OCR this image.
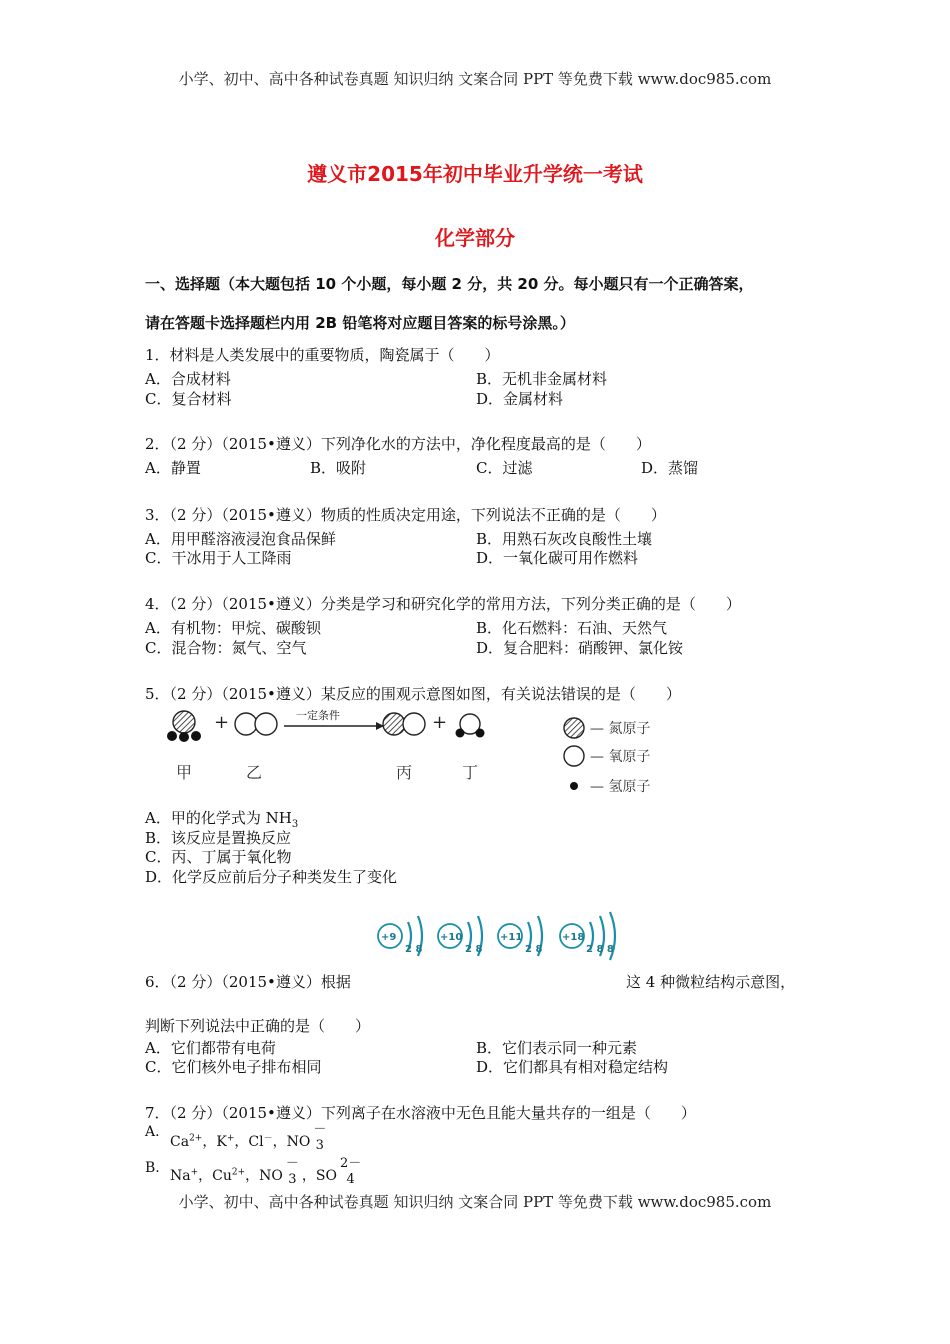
小学、初中、高中各种试卷真题 知识归纳 文案合同 PPT 等免费下载 www.doc985.com
遵义市2015年初中毕业升学统一考试
化学部分
一、选择题（本大题包括 10 个小题，每小题 2 分，共 20 分。每小题只有一个正确答案，
请在答题卡选择题栏内用 2B 铅笔将对应题目答案的标号涂黑。）
1．材料是人类发展中的重要物质，陶瓷属于（　　）
A．合成材料	B．无机非金属材料
C．复合材料	D．金属材料
2．（2 分）（2015•遵义）下列净化水的方法中，净化程度最高的是（　　）
A．静置	B．吸附	C．过滤	D．蒸馏
3．（2 分）（2015•遵义）物质的性质决定用途，下列说法不正确的是（　　）
A．用甲醛溶液浸泡食品保鲜	B．用熟石灰改良酸性土壤
C．干冰用于人工降雨	D．一氧化碳可用作燃料
4．（2 分）（2015•遵义）分类是学习和研究化学的常用方法，下列分类正确的是（　　）
A．有机物：甲烷、碳酸钡	B．化石燃料：石油、天然气
C．混合物：氮气、空气	D．复合肥料：硝酸钾、氯化铵
5．（2 分）（2015•遵义）某反应的围观示意图如图，有关说法错误的是（　　）
+	一定条件	+
甲	乙	丙	丁
— 氮原子
— 氧原子
— 氢原子
A．甲的化学式为 $NH_3$
B．该反应是置换反应
C．丙、丁属于氧化物
D．化学反应前后分子种类发生了变化
+9	+10	+11	+18
2 8	2 8	2 8	2 8 8
6．（2 分）（2015•遵义）根据	这 4 种微粒结构示意图，
判断下列说法中正确的是（　　）
A．它们都带有电荷	B．它们表示同一种元素
C．它们核外电子排布相同	D．它们都具有相对稳定结构
7．（2 分）（2015•遵义）下列离子在水溶液中无色且能大量共存的一组是（　　）
A.
$Ca^{2+}$，K+，Cl－，NO
－
3
B. Na+，$Cu^{2+}$，NO
－
3 ，SO
2－
4
小学、初中、高中各种试卷真题 知识归纳 文案合同 PPT 等免费下载 www.doc985.com
